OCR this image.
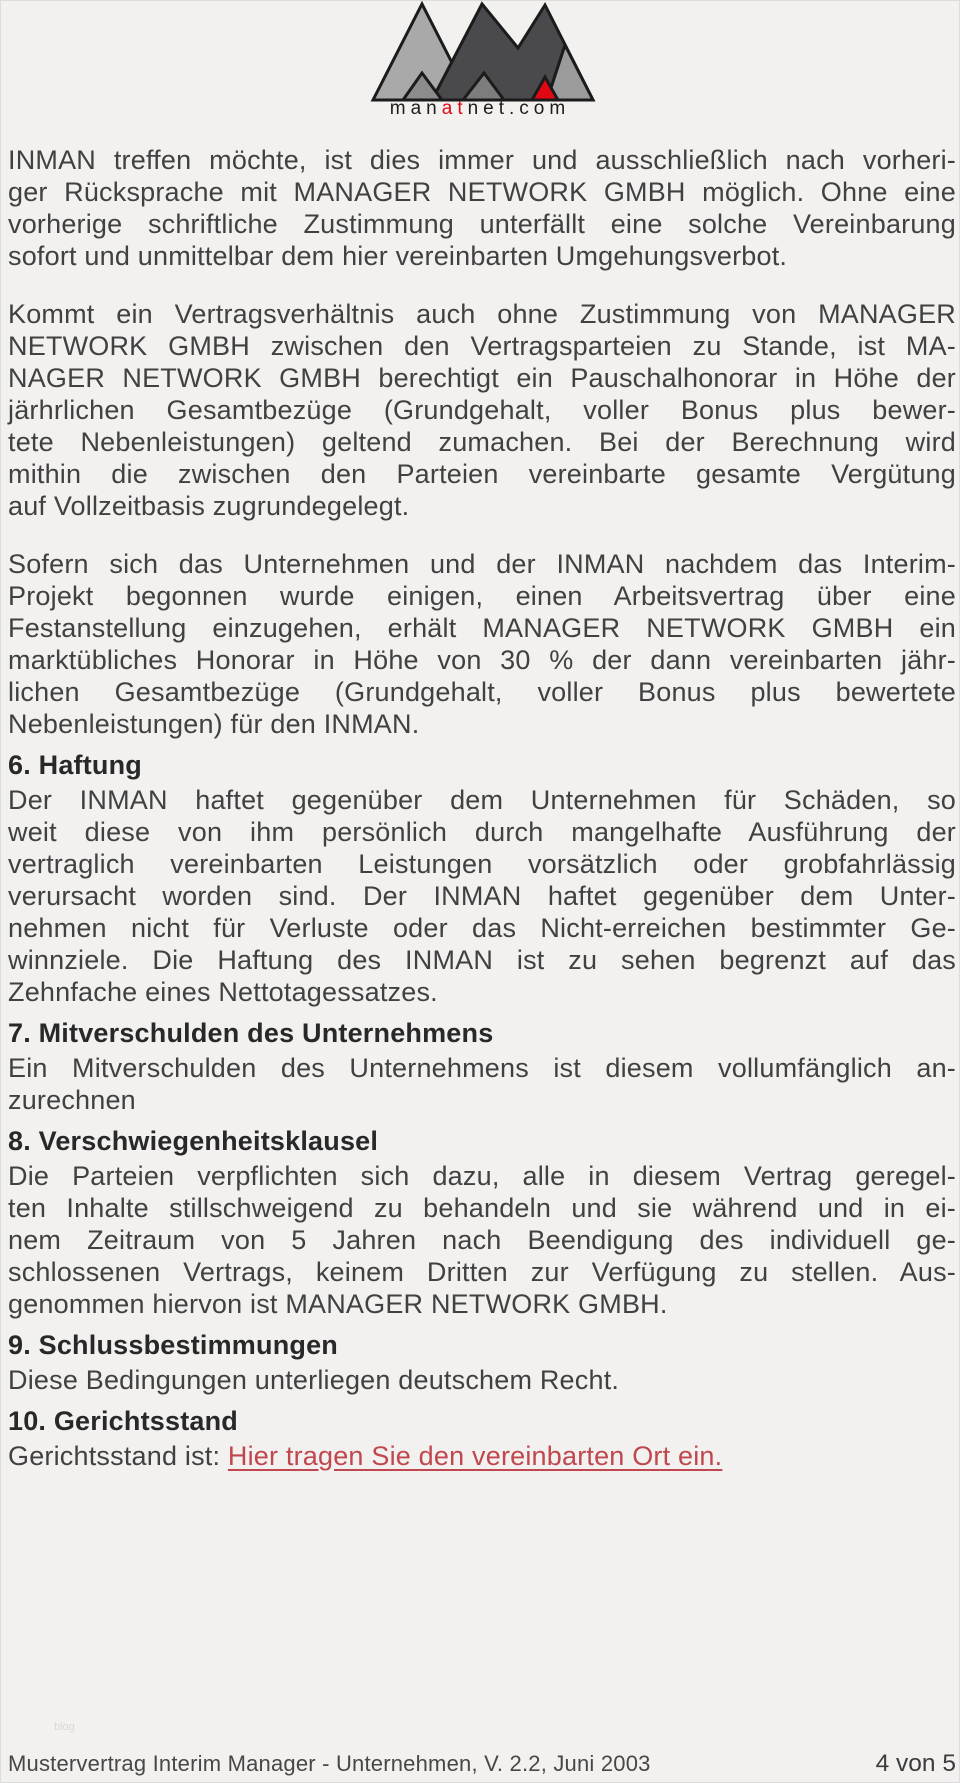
manatnet.com
INMAN treffen möchte, ist dies immer und ausschließlich nach vorheri-
ger Rücksprache mit MANAGER NETWORK GMBH möglich. Ohne eine
vorherige schriftliche Zustimmung unterfällt eine solche Vereinbarung
sofort und unmittelbar dem hier vereinbarten Umgehungsverbot.
Kommt ein Vertragsverhältnis auch ohne Zustimmung von MANAGER
NETWORK GMBH zwischen den Vertragsparteien zu Stande, ist MA-
NAGER NETWORK GMBH berechtigt ein Pauschalhonorar in Höhe der
järhrlichen Gesamtbezüge (Grundgehalt, voller Bonus plus bewer-
tete Nebenleistungen) geltend zumachen. Bei der Berechnung wird
mithin die zwischen den Parteien vereinbarte gesamte Vergütung
auf Vollzeitbasis zugrundegelegt.
Sofern sich das Unternehmen und der INMAN nachdem das Interim-
Projekt begonnen wurde einigen, einen Arbeitsvertrag über eine
Festanstellung einzugehen, erhält MANAGER NETWORK GMBH ein
marktübliches Honorar in Höhe von 30 % der dann vereinbarten jähr-
lichen Gesamtbezüge (Grundgehalt, voller Bonus plus bewertete
Nebenleistungen) für den INMAN.
6. Haftung
Der INMAN haftet gegenüber dem Unternehmen für Schäden, so
weit diese von ihm persönlich durch mangelhafte Ausführung der
vertraglich vereinbarten Leistungen vorsätzlich oder grobfahrlässig
verursacht worden sind. Der INMAN haftet gegenüber dem Unter-
nehmen nicht für Verluste oder das Nicht-erreichen bestimmter Ge-
winnziele. Die Haftung des INMAN ist zu sehen begrenzt auf das
Zehnfache eines Nettotagessatzes.
7. Mitverschulden des Unternehmens
Ein Mitverschulden des Unternehmens ist diesem vollumfänglich an-
zurechnen
8. Verschwiegenheitsklausel
Die Parteien verpflichten sich dazu, alle in diesem Vertrag geregel-
ten Inhalte stillschweigend zu behandeln und sie während und in ei-
nem Zeitraum von 5 Jahren nach Beendigung des individuell ge-
schlossenen Vertrags, keinem Dritten zur Verfügung zu stellen. Aus-
genommen hiervon ist MANAGER NETWORK GMBH.
9. Schlussbestimmungen
Diese Bedingungen unterliegen deutschem Recht.
10. Gerichtsstand
Gerichtsstand ist: Hier tragen Sie den vereinbarten Ort ein.
blog
Mustervertrag Interim Manager - Unternehmen, V. 2.2, Juni 2003	4 von 5
